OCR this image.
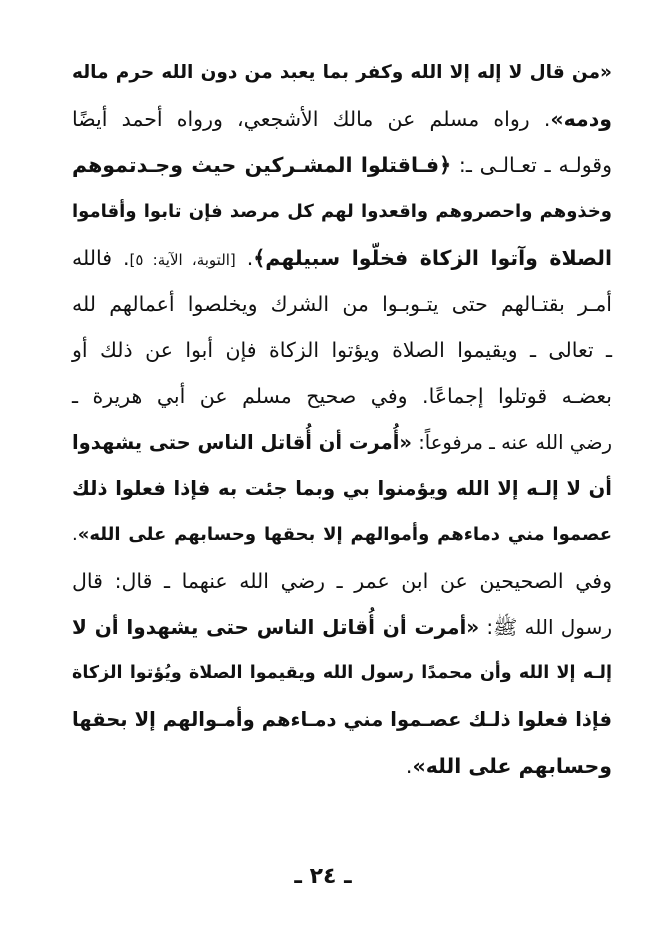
«من قال لا إله إلا الله وكفر بما يعبد من دون الله حرم ماله
ودمه». رواه مسلم عن مالك الأشجعي، ورواه أحمد أيضًا
وقولـه ـ تعـالـى ـ: ﴿فـاقتلوا المشـركين حيث وجـدتموهم
وخذوهم واحصروهم واقعدوا لهم كل مرصد فإن تابوا وأقاموا
الصلاة وآتوا الزكاة فخلّوا سبيلهم﴾. [التوبة، الآية: ٥]. فالله
أمـر بقتـالهم حتى يتـوبـوا من الشرك ويخلصوا أعمالهم لله
ـ تعالى ـ ويقيموا الصلاة ويؤتوا الزكاة فإن أبوا عن ذلك أو
بعضـه قوتلوا إجماعًا. وفي صحيح مسلم عن أبي هريرة ـ
رضي الله عنه ـ مرفوعاً: «أُمرت أن أُقاتل الناس حتى يشهدوا
أن لا إلـه إلا الله ويؤمنوا بي وبما جئت به فإذا فعلوا ذلك
عصموا مني دماءهم وأموالهم إلا بحقها وحسابهم على الله».
وفي الصحيحين عن ابن عمر ـ رضي الله عنهما ـ قال: قال
رسول الله ﷺ: «أمرت أن أُقاتل الناس حتى يشهدوا أن لا
إلـه إلا الله وأن محمدًا رسول الله ويقيموا الصلاة ويُؤتوا الزكاة
فإذا فعلوا ذلـك عصـموا مني دمـاءهم وأمـوالهم إلا بحقها
وحسابهم على الله».
ـ ٢٤ ـ
